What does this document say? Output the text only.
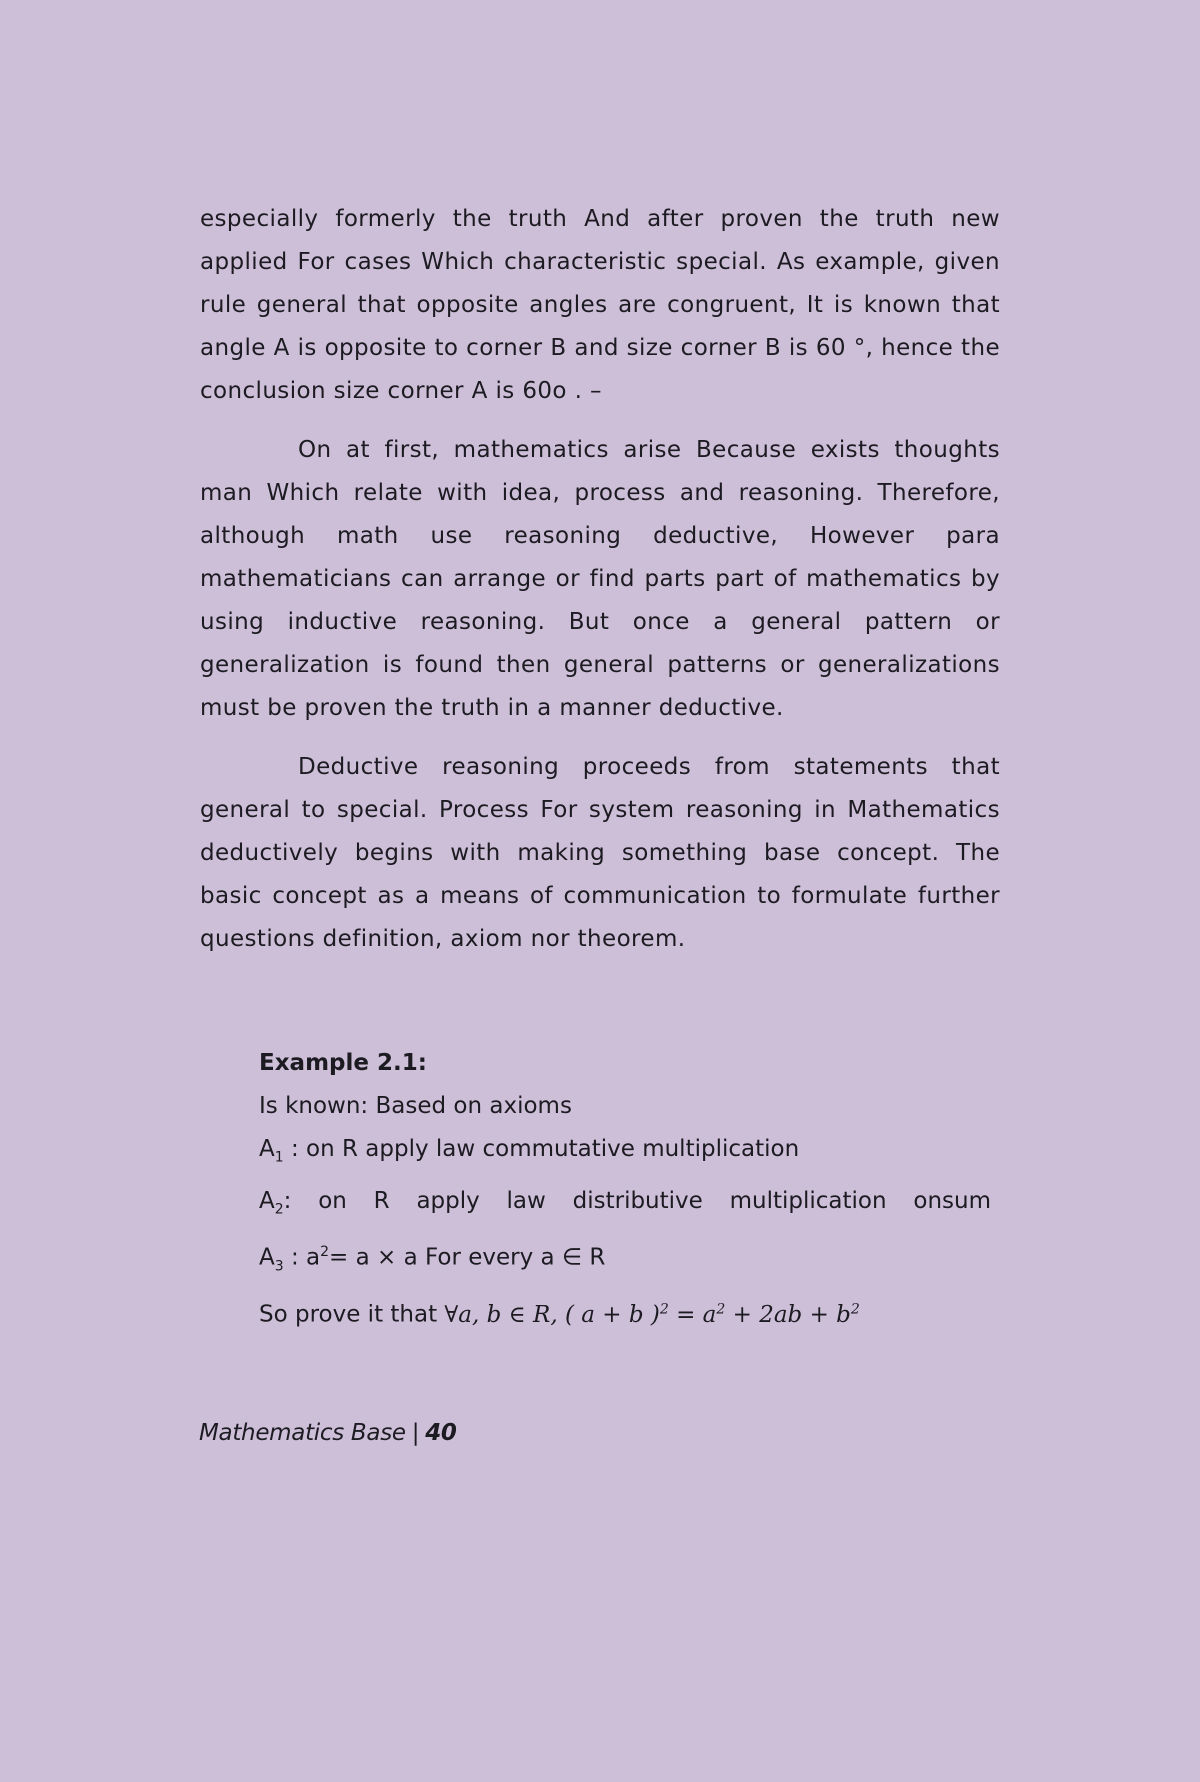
especially formerly the truth And after proven the truth new applied For cases Which characteristic special. As example, given rule general that opposite angles are congruent, It is known that angle A is opposite to corner B and size corner B is 60 °, hence the conclusion size corner A is 60o . –

On at first, mathematics arise Because exists thoughts man Which relate with idea, process and reasoning. Therefore, although math use reasoning deductive, However para mathematicians can arrange or find parts part of mathematics by using inductive reasoning. But once a general pattern or generalization is found then general patterns or generalizations must be proven the truth in a manner deductive.

Deductive reasoning proceeds from statements that general to special. Process For system reasoning in Mathematics deductively begins with making something base concept. The basic concept as a means of communication to formulate further questions definition, axiom nor theorem.

Example 2.1:

Is known: Based on axioms

$A_1$ : on R apply law commutative multiplication

$A_2$: on R apply law distributive multiplication onsum

$A_3$ : $a^2= a \times a$ For every a ∈ R

So prove it that ∀a, b ∈ R, ( a + b )$^2 = a^2 + 2ab + b^2$

Mathematics Base | 40
